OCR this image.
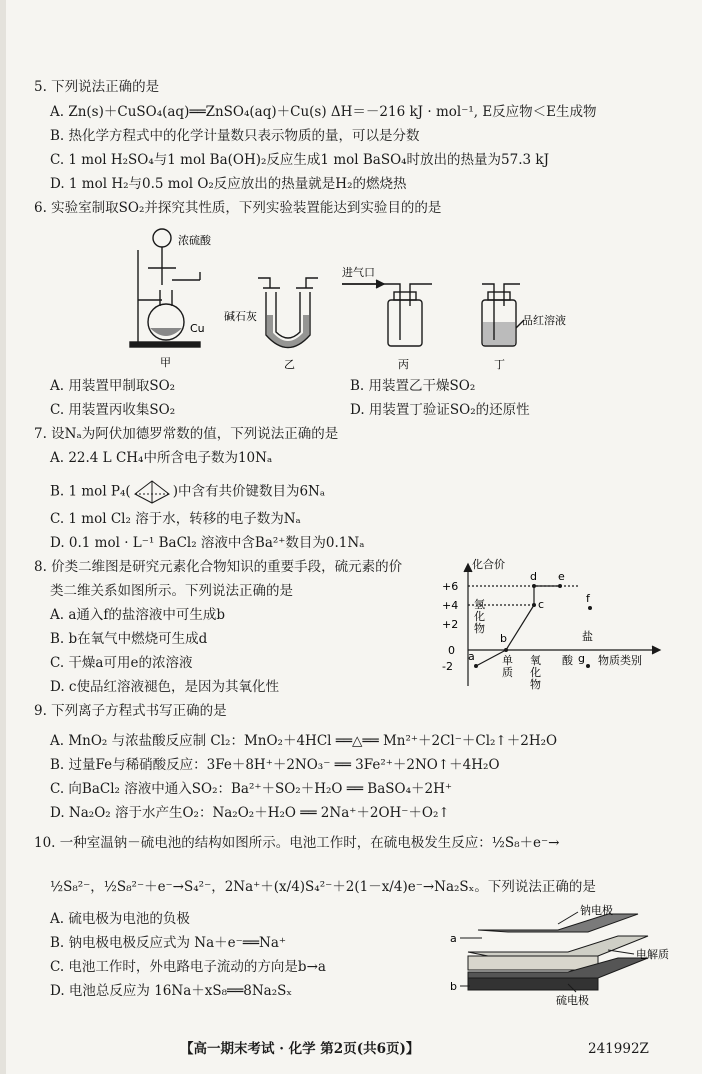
5. 下列说法正确的是
A. Zn(s)＋CuSO₄(aq)══ZnSO₄(aq)＋Cu(s) ΔH＝－216 kJ · mol⁻¹, E反应物＜E生成物
B. 热化学方程式中的化学计量数只表示物质的量，可以是分数
C. 1 mol H₂SO₄与1 mol Ba(OH)₂反应生成1 mol BaSO₄时放出的热量为57.3 kJ
D. 1 mol H₂与0.5 mol O₂反应放出的热量就是H₂的燃烧热
6. 实验室制取SO₂并探究其性质，下列实验装置能达到实验目的的是
浓硫酸
Cu
甲
碱石灰
乙
进气口
丙
品红溶液
丁
A. 用装置甲制取SO₂	B. 用装置乙干燥SO₂
C. 用装置丙收集SO₂	D. 用装置丁验证SO₂的还原性
7. 设Nₐ为阿伏加德罗常数的值，下列说法正确的是
A. 22.4 L CH₄中所含电子数为10Nₐ
B. 1 mol P₄(	)中含有共价键数目为6Nₐ
C. 1 mol Cl₂ 溶于水，转移的电子数为Nₐ
D. 0.1 mol · L⁻¹ BaCl₂ 溶液中含Ba²⁺数目为0.1Nₐ
8. 价类二维图是研究元素化合物知识的重要手段，硫元素的价
类二维关系如图所示。下列说法正确的是
A. a通入f的盐溶液中可生成b
B. b在氧气中燃烧可生成d
C. 干燥a可用e的浓溶液
D. c使品红溶液褪色，是因为其氧化性
化合价
物质类别
+6
+4
+2
0
-2
氢化物
单质
氧化物
酸
盐
a
b
c
d e
f
g
9. 下列离子方程式书写正确的是
A. MnO₂ 与浓盐酸反应制 Cl₂：MnO₂＋4HCl ══△══ Mn²⁺＋2Cl⁻＋Cl₂↑＋2H₂O
B. 过量Fe与稀硝酸反应：3Fe＋8H⁺＋2NO₃⁻ ══ 3Fe²⁺＋2NO↑＋4H₂O
C. 向BaCl₂ 溶液中通入SO₂：Ba²⁺＋SO₂＋H₂O ══ BaSO₄＋2H⁺
D. Na₂O₂ 溶于水产生O₂：Na₂O₂＋H₂O ══ 2Na⁺＋2OH⁻＋O₂↑
10. 一种室温钠－硫电池的结构如图所示。电池工作时，在硫电极发生反应：½S₈＋e⁻→
½S₈²⁻，½S₈²⁻＋e⁻→S₄²⁻，2Na⁺＋(x/4)S₄²⁻＋2(1－x/4)e⁻→Na₂Sₓ。下列说法正确的是
A. 硫电极为电池的负极
B. 钠电极电极反应式为 Na＋e⁻══Na⁺
C. 电池工作时，外电路电子流动的方向是b→a
D. 电池总反应为 16Na＋xS₈══8Na₂Sₓ
钠电极
电解质
硫电极
a
b
【高一期末考试 · 化学 第2页(共6页)】	241992Z
